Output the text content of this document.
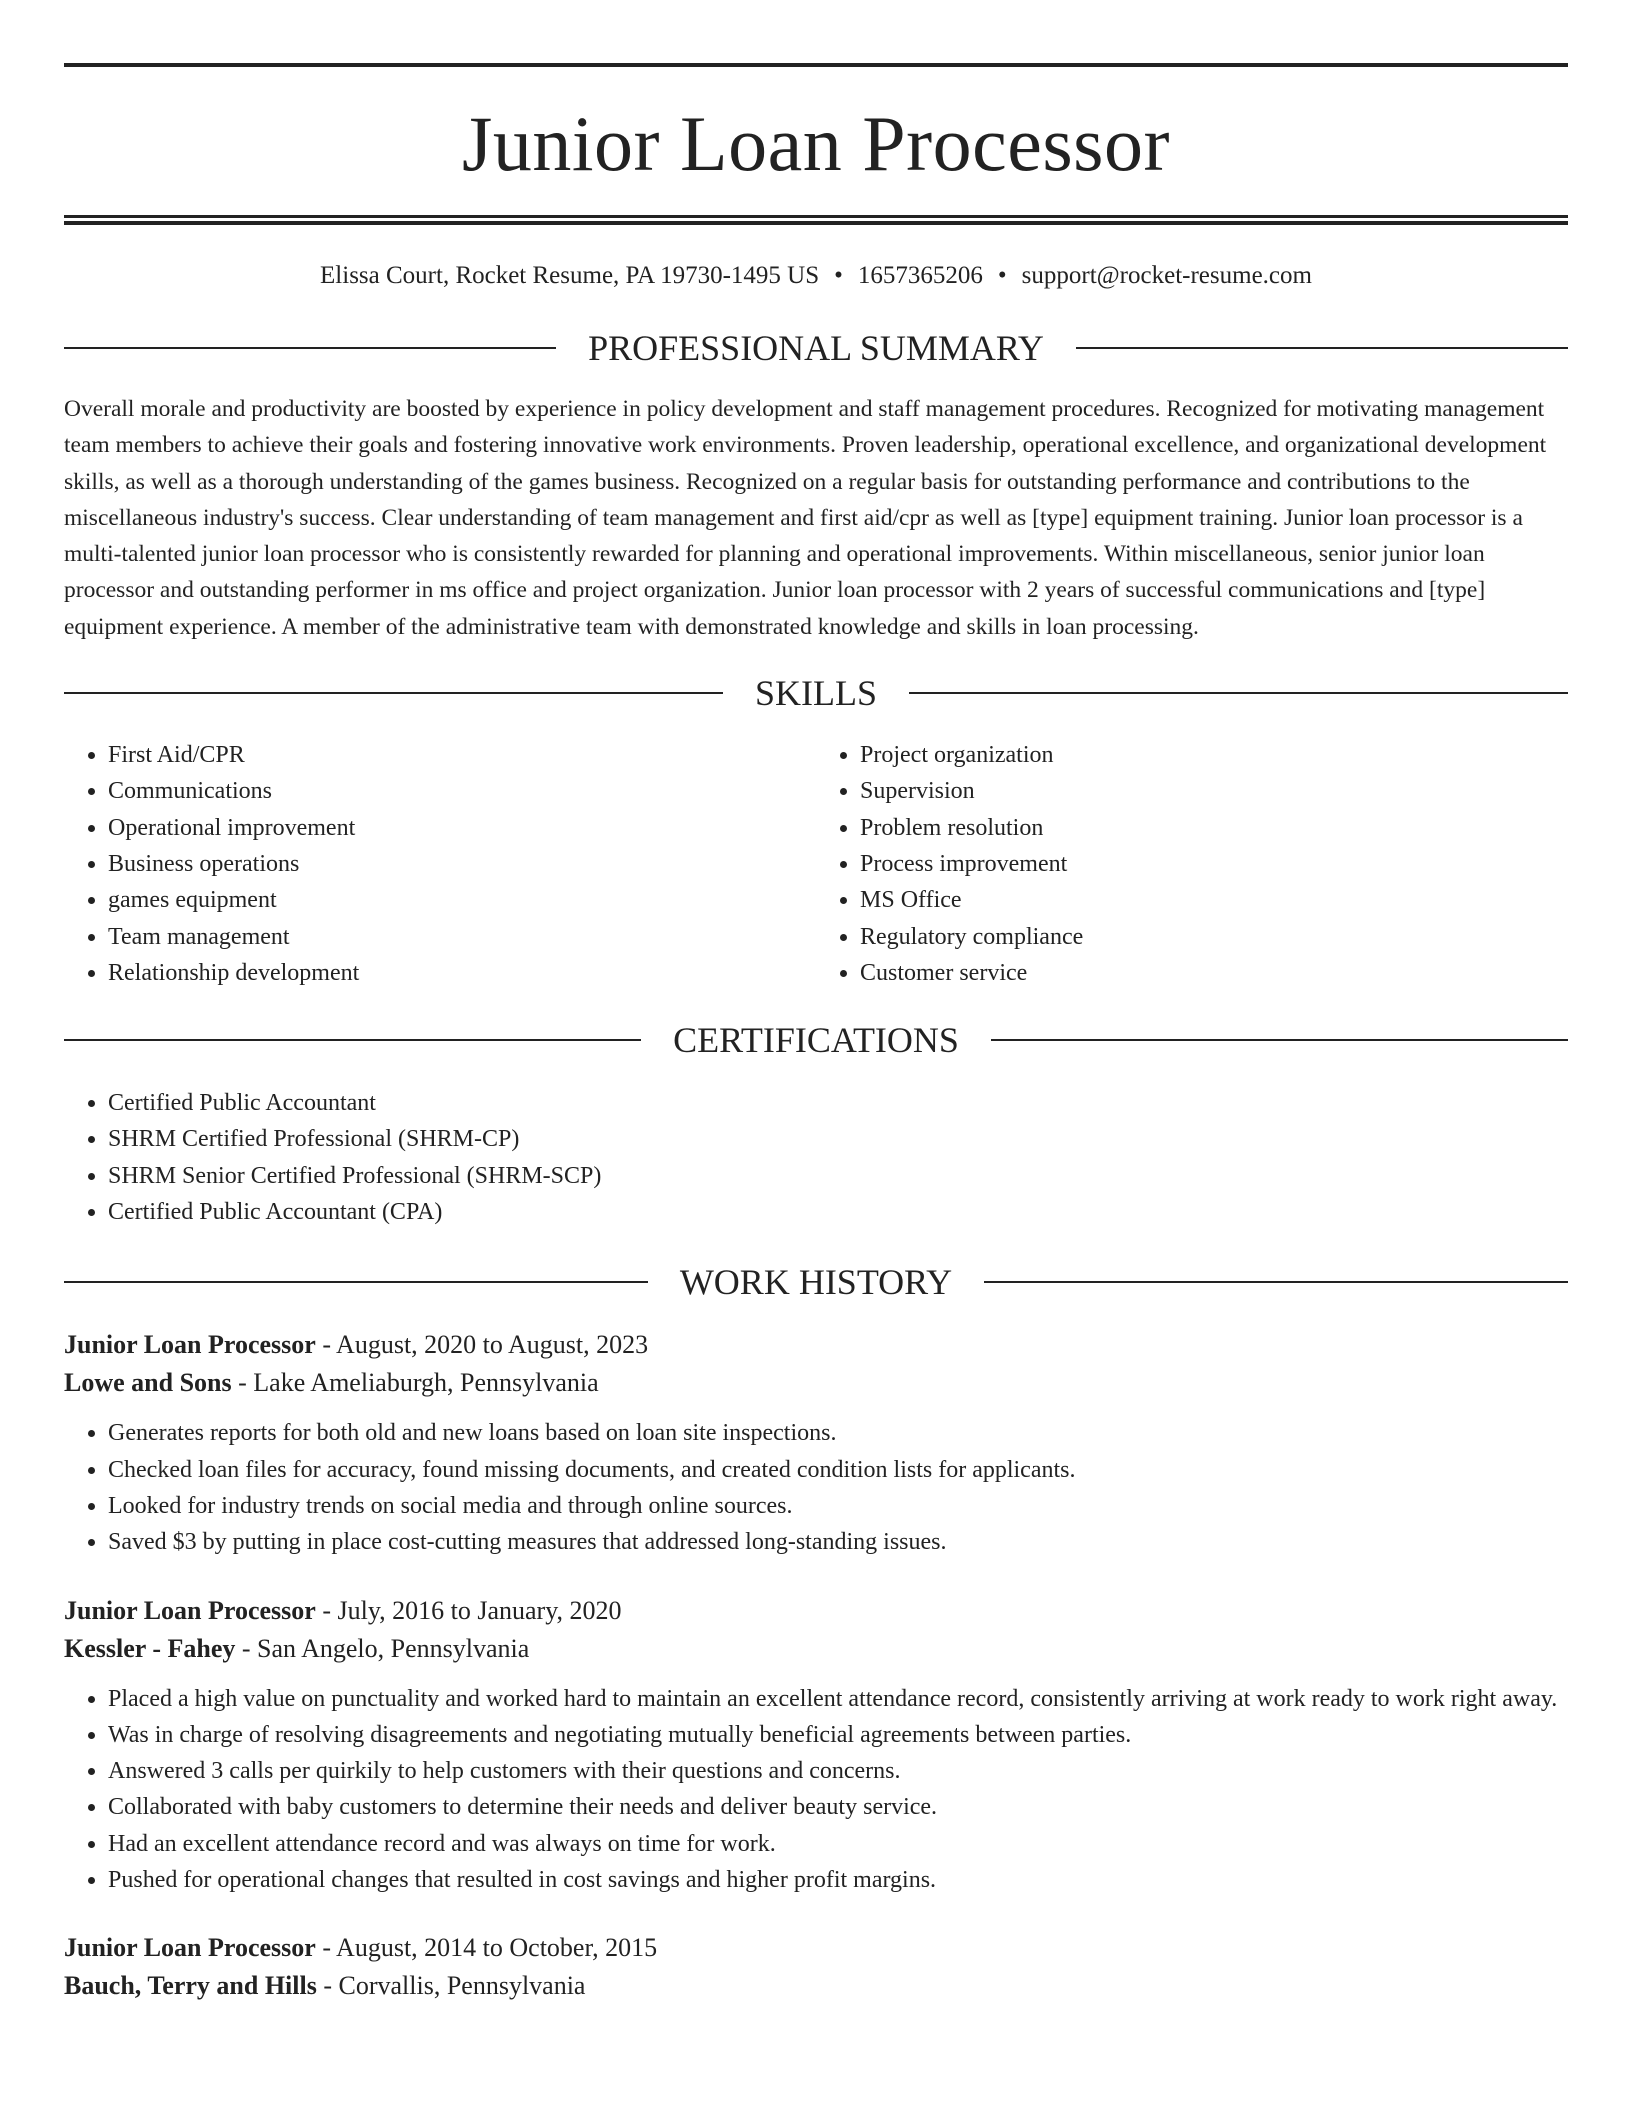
Junior Loan Processor
Elissa Court, Rocket Resume, PA 19730-1495 US • 1657365206 • support@rocket-resume.com
PROFESSIONAL SUMMARY

Overall morale and productivity are boosted by experience in policy development and staff management procedures. Recognized for motivating management team members to achieve their goals and fostering innovative work environments. Proven leadership, operational excellence, and organizational development skills, as well as a thorough understanding of the games business. Recognized on a regular basis for outstanding performance and contributions to the miscellaneous industry's success. Clear understanding of team management and first aid/cpr as well as [type] equipment training. Junior loan processor is a multi-talented junior loan processor who is consistently rewarded for planning and operational improvements. Within miscellaneous, senior junior loan processor and outstanding performer in ms office and project organization. Junior loan processor with 2 years of successful communications and [type] equipment experience. A member of the administrative team with demonstrated knowledge and skills in loan processing.

SKILLS
• First Aid/CPR
• Communications
• Operational improvement
• Business operations
• games equipment
• Team management
• Relationship development
• Project organization
• Supervision
• Problem resolution
• Process improvement
• MS Office
• Regulatory compliance
• Customer service
CERTIFICATIONS
• Certified Public Accountant
• SHRM Certified Professional (SHRM-CP)
• SHRM Senior Certified Professional (SHRM-SCP)
• Certified Public Accountant (CPA)
WORK HISTORY

Junior Loan Processor - August, 2020 to August, 2023

Lowe and Sons - Lake Ameliaburgh, Pennsylvania

• Generates reports for both old and new loans based on loan site inspections.
• Checked loan files for accuracy, found missing documents, and created condition lists for applicants.
• Looked for industry trends on social media and through online sources.
• Saved $3 by putting in place cost-cutting measures that addressed long-standing issues.

Junior Loan Processor - July, 2016 to January, 2020

Kessler - Fahey - San Angelo, Pennsylvania

• Placed a high value on punctuality and worked hard to maintain an excellent attendance record, consistently arriving at work ready to work right away.
• Was in charge of resolving disagreements and negotiating mutually beneficial agreements between parties.
• Answered 3 calls per quirkily to help customers with their questions and concerns.
• Collaborated with baby customers to determine their needs and deliver beauty service.
• Had an excellent attendance record and was always on time for work.
• Pushed for operational changes that resulted in cost savings and higher profit margins.

Junior Loan Processor - August, 2014 to October, 2015

Bauch, Terry and Hills - Corvallis, Pennsylvania
